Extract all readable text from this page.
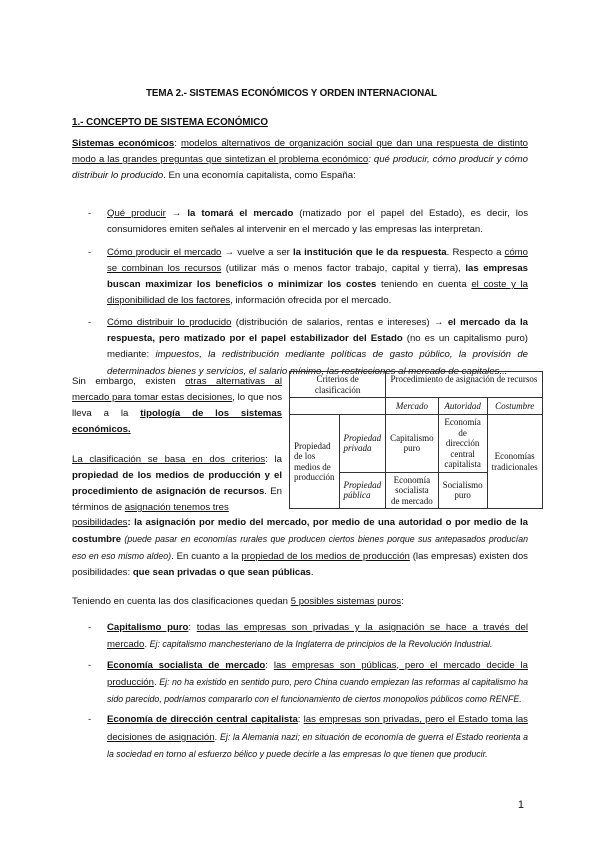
TEMA 2.- SISTEMAS ECONÓMICOS Y ORDEN INTERNACIONAL
1.- CONCEPTO DE SISTEMA ECONÓMICO
Sistemas económicos: modelos alternativos de organización social que dan una respuesta de distinto modo a las grandes preguntas que sintetizan el problema económico: qué producir, cómo producir y cómo distribuir lo producido. En una economía capitalista, como España:
- Qué producir → la tomará el mercado (matizado por el papel del Estado), es decir, los consumidores emiten señales al intervenir en el mercado y las empresas las interpretan.
- Cómo producir el mercado → vuelve a ser la institución que le da respuesta. Respecto a cómo se combinan los recursos (utilizar más o menos factor trabajo, capital y tierra), las empresas buscan maximizar los beneficios o minimizar los costes teniendo en cuenta el coste y la disponibilidad de los factores, información ofrecida por el mercado.
- Cómo distribuir lo producido (distribución de salarios, rentas e intereses) → el mercado da la respuesta, pero matizado por el papel estabilizador del Estado (no es un capitalismo puro) mediante: impuestos, la redistribución mediante políticas de gasto público, la provisión de determinados bienes y servicios, el salario mínimo, las restricciones al mercado de capitales...
Sin embargo, existen otras alternativas al mercado para tomar estas decisiones, lo que nos lleva a la tipología de los sistemas económicos.
La clasificación se basa en dos criterios: la propiedad de los medios de producción y el procedimiento de asignación de recursos. En términos de asignación tenemos tres
Criterios de clasificación		Procedimiento de asignación de recursos		
		Mercado	Autoridad	Costumbre
Propiedad de los medios de producción	Propiedad privada	Capitalismo puro	Economía de dirección central capitalista	Economías tradicionales
	Propiedad pública	Economía socialista de mercado	Socialismo puro	
posibilidades: la asignación por medio del mercado, por medio de una autoridad o por medio de la costumbre (puede pasar en economías rurales que producen ciertos bienes porque sus antepasados producían eso en eso mismo aldeo). En cuanto a la propiedad de los medios de producción (las empresas) existen dos posibilidades: que sean privadas o que sean públicas.
Teniendo en cuenta las dos clasificaciones quedan 5 posibles sistemas puros:
- Capitalismo puro: todas las empresas son privadas y la asignación se hace a través del mercado. Ej: capitalismo manchesteriano de la Inglaterra de principios de la Revolución Industrial.
- Economía socialista de mercado: las empresas son públicas, pero el mercado decide la producción. Ej: no ha existido en sentido puro, pero China cuando empiezan las reformas al capitalismo ha sido parecido, podríamos compararlo con el funcionamiento de ciertos monopolios públicos como RENFE.
- Economía de dirección central capitalista: las empresas son privadas, pero el Estado toma las decisiones de asignación. Ej: la Alemania nazi; en situación de economía de guerra el Estado reorienta a la sociedad en torno al esfuerzo bélico y puede decirle a las empresas lo que tienen que producir.
1
